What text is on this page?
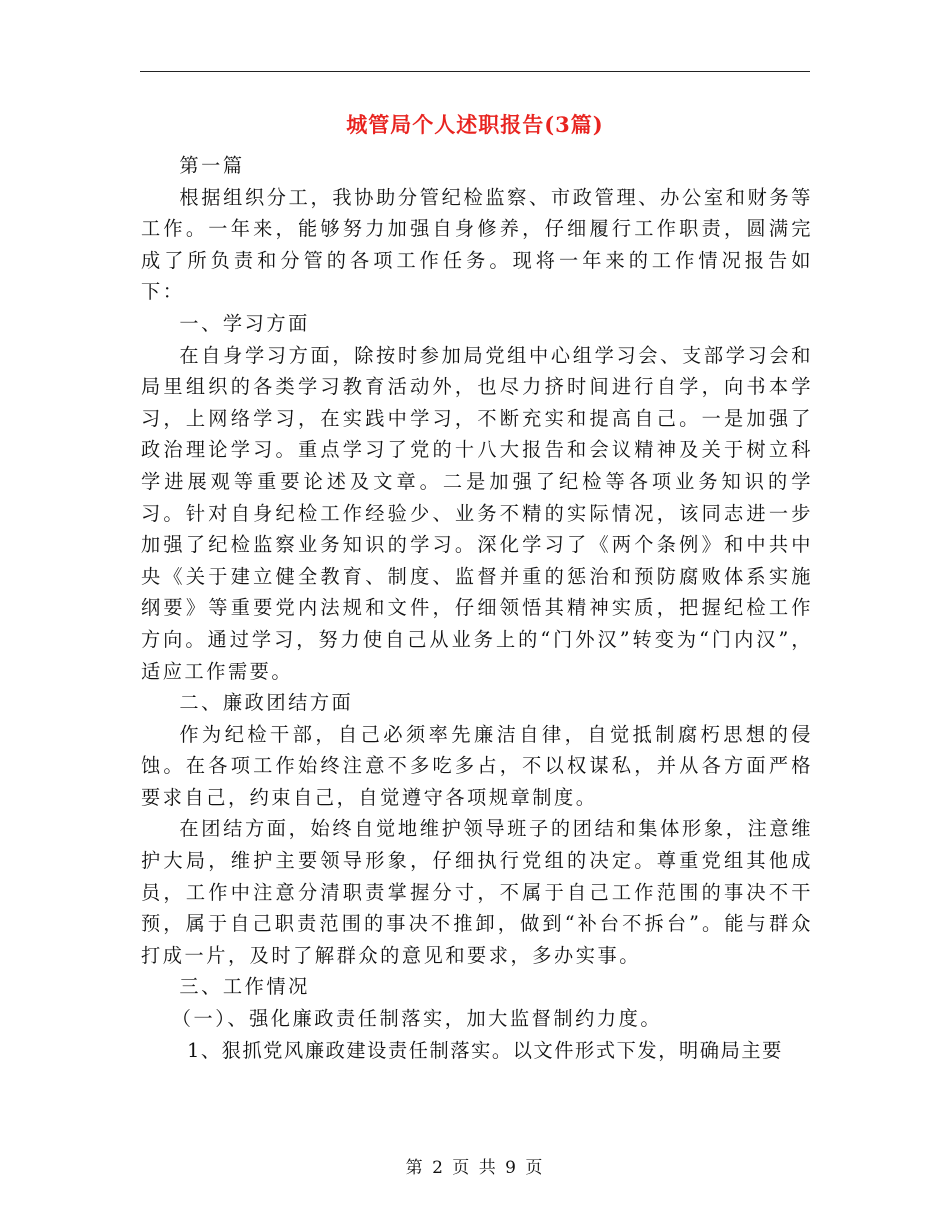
城管局个人述职报告(3篇)

第一篇

根据组织分工，我协助分管纪检监察、市政管理、办公室和财务等工作。一年来，能够努力加强自身修养，仔细履行工作职责，圆满完成了所负责和分管的各项工作任务。现将一年来的工作情况报告如下：

一、学习方面

在自身学习方面，除按时参加局党组中心组学习会、支部学习会和局里组织的各类学习教育活动外，也尽力挤时间进行自学，向书本学习，上网络学习，在实践中学习，不断充实和提高自己。一是加强了政治理论学习。重点学习了党的十八大报告和会议精神及关于树立科学进展观等重要论述及文章。二是加强了纪检等各项业务知识的学习。针对自身纪检工作经验少、业务不精的实际情况，该同志进一步加强了纪检监察业务知识的学习。深化学习了《两个条例》和中共中央《关于建立健全教育、制度、监督并重的惩治和预防腐败体系实施纲要》等重要党内法规和文件，仔细领悟其精神实质，把握纪检工作方向。通过学习，努力使自己从业务上的“门外汉”转变为“门内汉”，适应工作需要。

二、廉政团结方面

作为纪检干部，自己必须率先廉洁自律，自觉抵制腐朽思想的侵蚀。在各项工作始终注意不多吃多占，不以权谋私，并从各方面严格要求自己，约束自己，自觉遵守各项规章制度。

在团结方面，始终自觉地维护领导班子的团结和集体形象，注意维护大局，维护主要领导形象，仔细执行党组的决定。尊重党组其他成员，工作中注意分清职责掌握分寸，不属于自己工作范围的事决不干预，属于自己职责范围的事决不推卸，做到“补台不拆台”。能与群众打成一片，及时了解群众的意见和要求，多办实事。

三、工作情况

（一）、强化廉政责任制落实，加大监督制约力度。

1、狠抓党风廉政建设责任制落实。以文件形式下发，明确局主要

第 2 页 共 9 页
